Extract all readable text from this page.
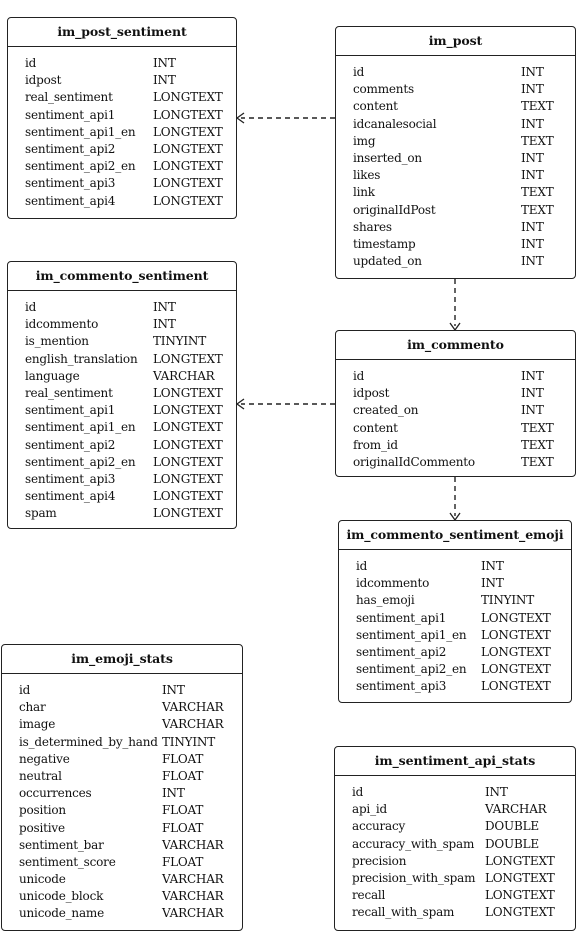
im_post_sentiment
id	INT
idpost	INT
real_sentiment	LONGTEXT
sentiment_api1	LONGTEXT
sentiment_api1_en LONGTEXT
sentiment_api2	LONGTEXT
sentiment_api2_en LONGTEXT
sentiment_api3	LONGTEXT
sentiment_api4	LONGTEXT
im_post
id	INT
comments	INT
content	TEXT
idcanalesocial	INT
img	TEXT
inserted_on	INT
likes	INT
link	TEXT
originalIdPost	TEXT
shares	INT
timestamp	INT
updated_on	INT
im_commento_sentiment
id	INT
idcommento	INT
is_mention	TINYINT
english_translation LONGTEXT
language	VARCHAR
real_sentiment	LONGTEXT
sentiment_api1	LONGTEXT
sentiment_api1_en LONGTEXT
sentiment_api2	LONGTEXT
sentiment_api2_en LONGTEXT
sentiment_api3	LONGTEXT
sentiment_api4	LONGTEXT
spam	LONGTEXT
im_commento
id	INT
idpost	INT
created_on	INT
content	TEXT
from_id	TEXT
originalIdCommento	TEXT
im_commento_sentiment_emoji
id	INT
idcommento	INT
has_emoji	TINYINT
sentiment_api1	LONGTEXT
sentiment_api1_en LONGTEXT
sentiment_api2	LONGTEXT
sentiment_api2_en LONGTEXT
sentiment_api3	LONGTEXT
im_emoji_stats
id	INT
char	VARCHAR
image	VARCHAR
is_determined_by_hand TINYINT
negative	FLOAT
neutral	FLOAT
occurrences	INT
position	FLOAT
positive	FLOAT
sentiment_bar	VARCHAR
sentiment_score	FLOAT
unicode	VARCHAR
unicode_block	VARCHAR
unicode_name	VARCHAR
im_sentiment_api_stats
id	INT
api_id	VARCHAR
accuracy	DOUBLE
accuracy_with_spam DOUBLE
precision	LONGTEXT
precision_with_spam LONGTEXT
recall	LONGTEXT
recall_with_spam	LONGTEXT
